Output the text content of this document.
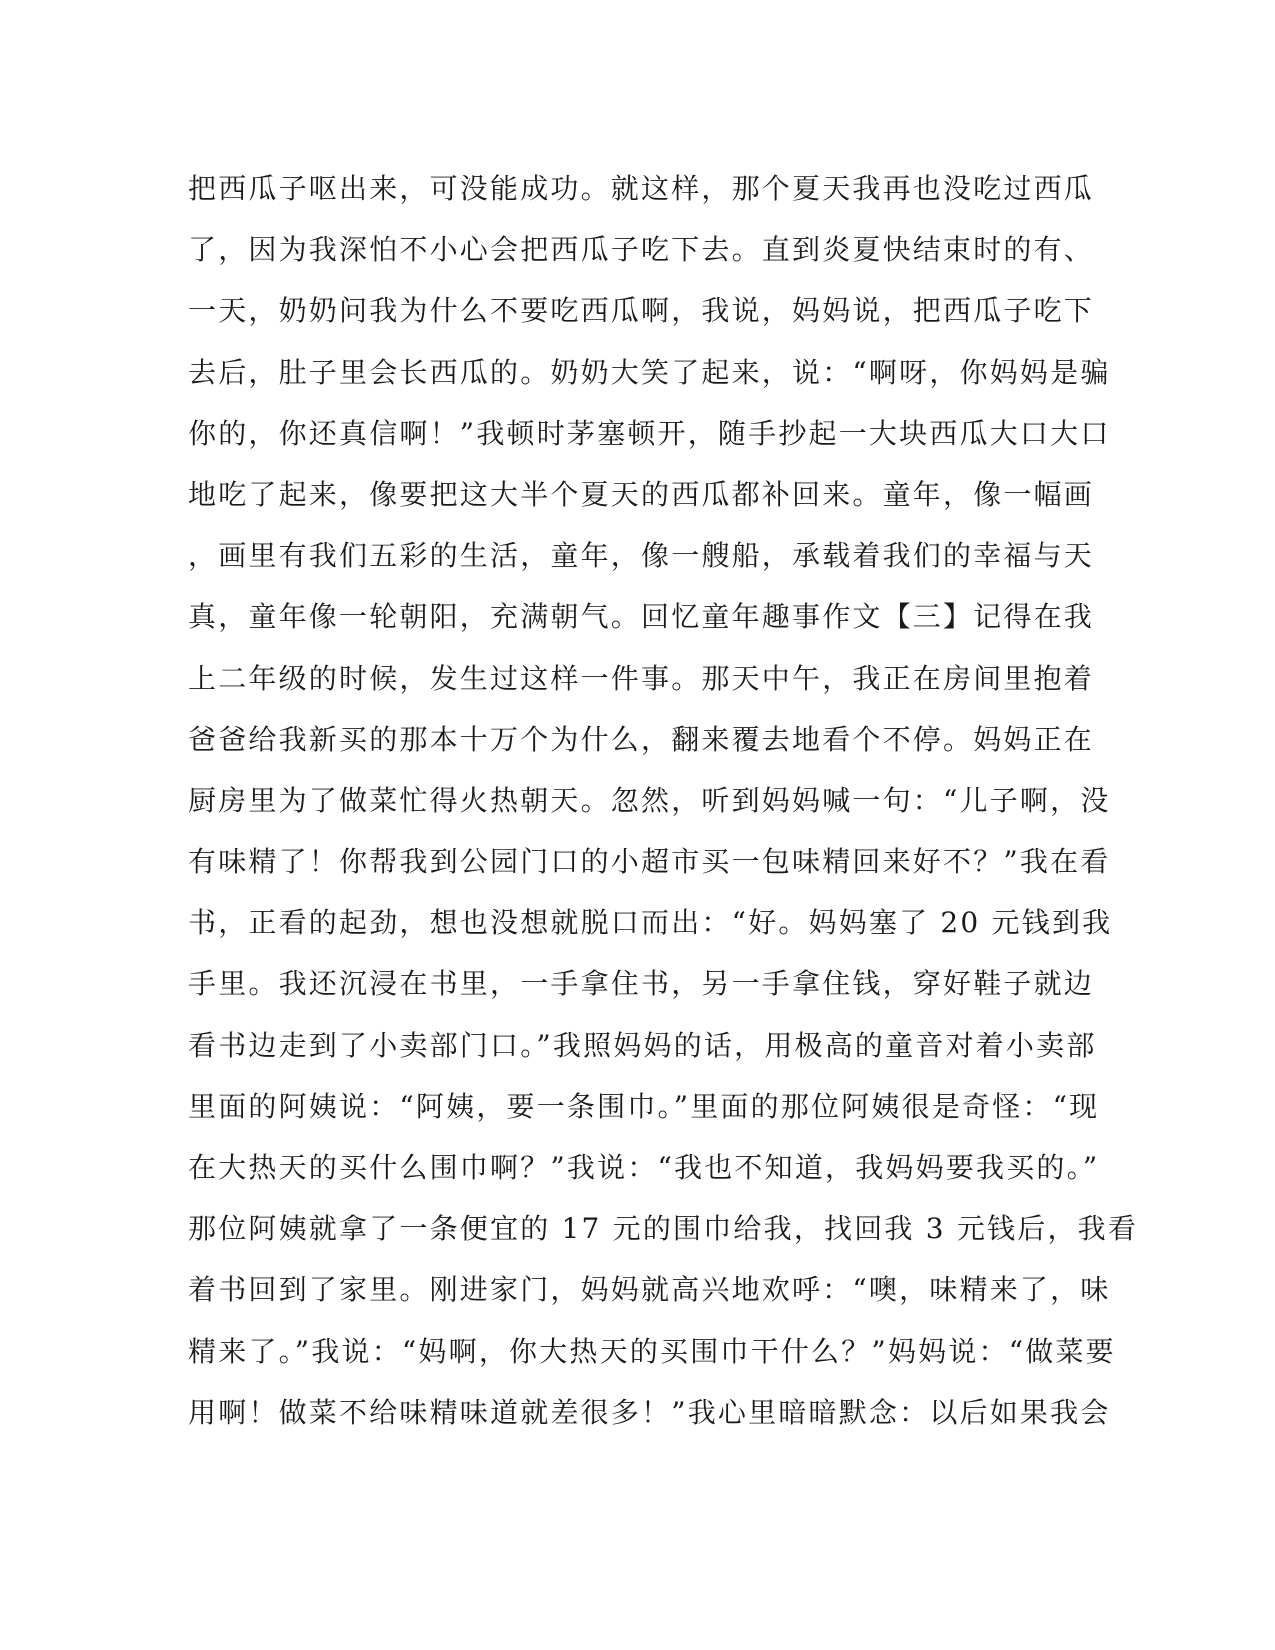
把西瓜子呕出来，可没能成功。就这样，那个夏天我再也没吃过西瓜
了，因为我深怕不小心会把西瓜子吃下去。直到炎夏快结束时的有、
一天，奶奶问我为什么不要吃西瓜啊，我说，妈妈说，把西瓜子吃下
去后，肚子里会长西瓜的。奶奶大笑了起来，说：“啊呀，你妈妈是骗
你的，你还真信啊！”我顿时茅塞顿开，随手抄起一大块西瓜大口大口
地吃了起来，像要把这大半个夏天的西瓜都补回来。童年，像一幅画
，画里有我们五彩的生活，童年，像一艘船，承载着我们的幸福与天
真，童年像一轮朝阳，充满朝气。回忆童年趣事作文【三】记得在我
上二年级的时候，发生过这样一件事。那天中午，我正在房间里抱着
爸爸给我新买的那本十万个为什么，翻来覆去地看个不停。妈妈正在
厨房里为了做菜忙得火热朝天。忽然，听到妈妈喊一句：“儿子啊，没
有味精了！你帮我到公园门口的小超市买一包味精回来好不？”我在看
书，正看的起劲，想也没想就脱口而出：“好。妈妈塞了 20 元钱到我
手里。我还沉浸在书里，一手拿住书，另一手拿住钱，穿好鞋子就边
看书边走到了小卖部门口。”我照妈妈的话，用极高的童音对着小卖部
里面的阿姨说：“阿姨，要一条围巾。”里面的那位阿姨很是奇怪：“现
在大热天的买什么围巾啊？”我说：“我也不知道，我妈妈要我买的。”
那位阿姨就拿了一条便宜的 17 元的围巾给我，找回我 3 元钱后，我看
着书回到了家里。刚进家门，妈妈就高兴地欢呼：“噢，味精来了，味
精来了。”我说：“妈啊，你大热天的买围巾干什么？”妈妈说：“做菜要
用啊！做菜不给味精味道就差很多！”我心里暗暗默念：以后如果我会
